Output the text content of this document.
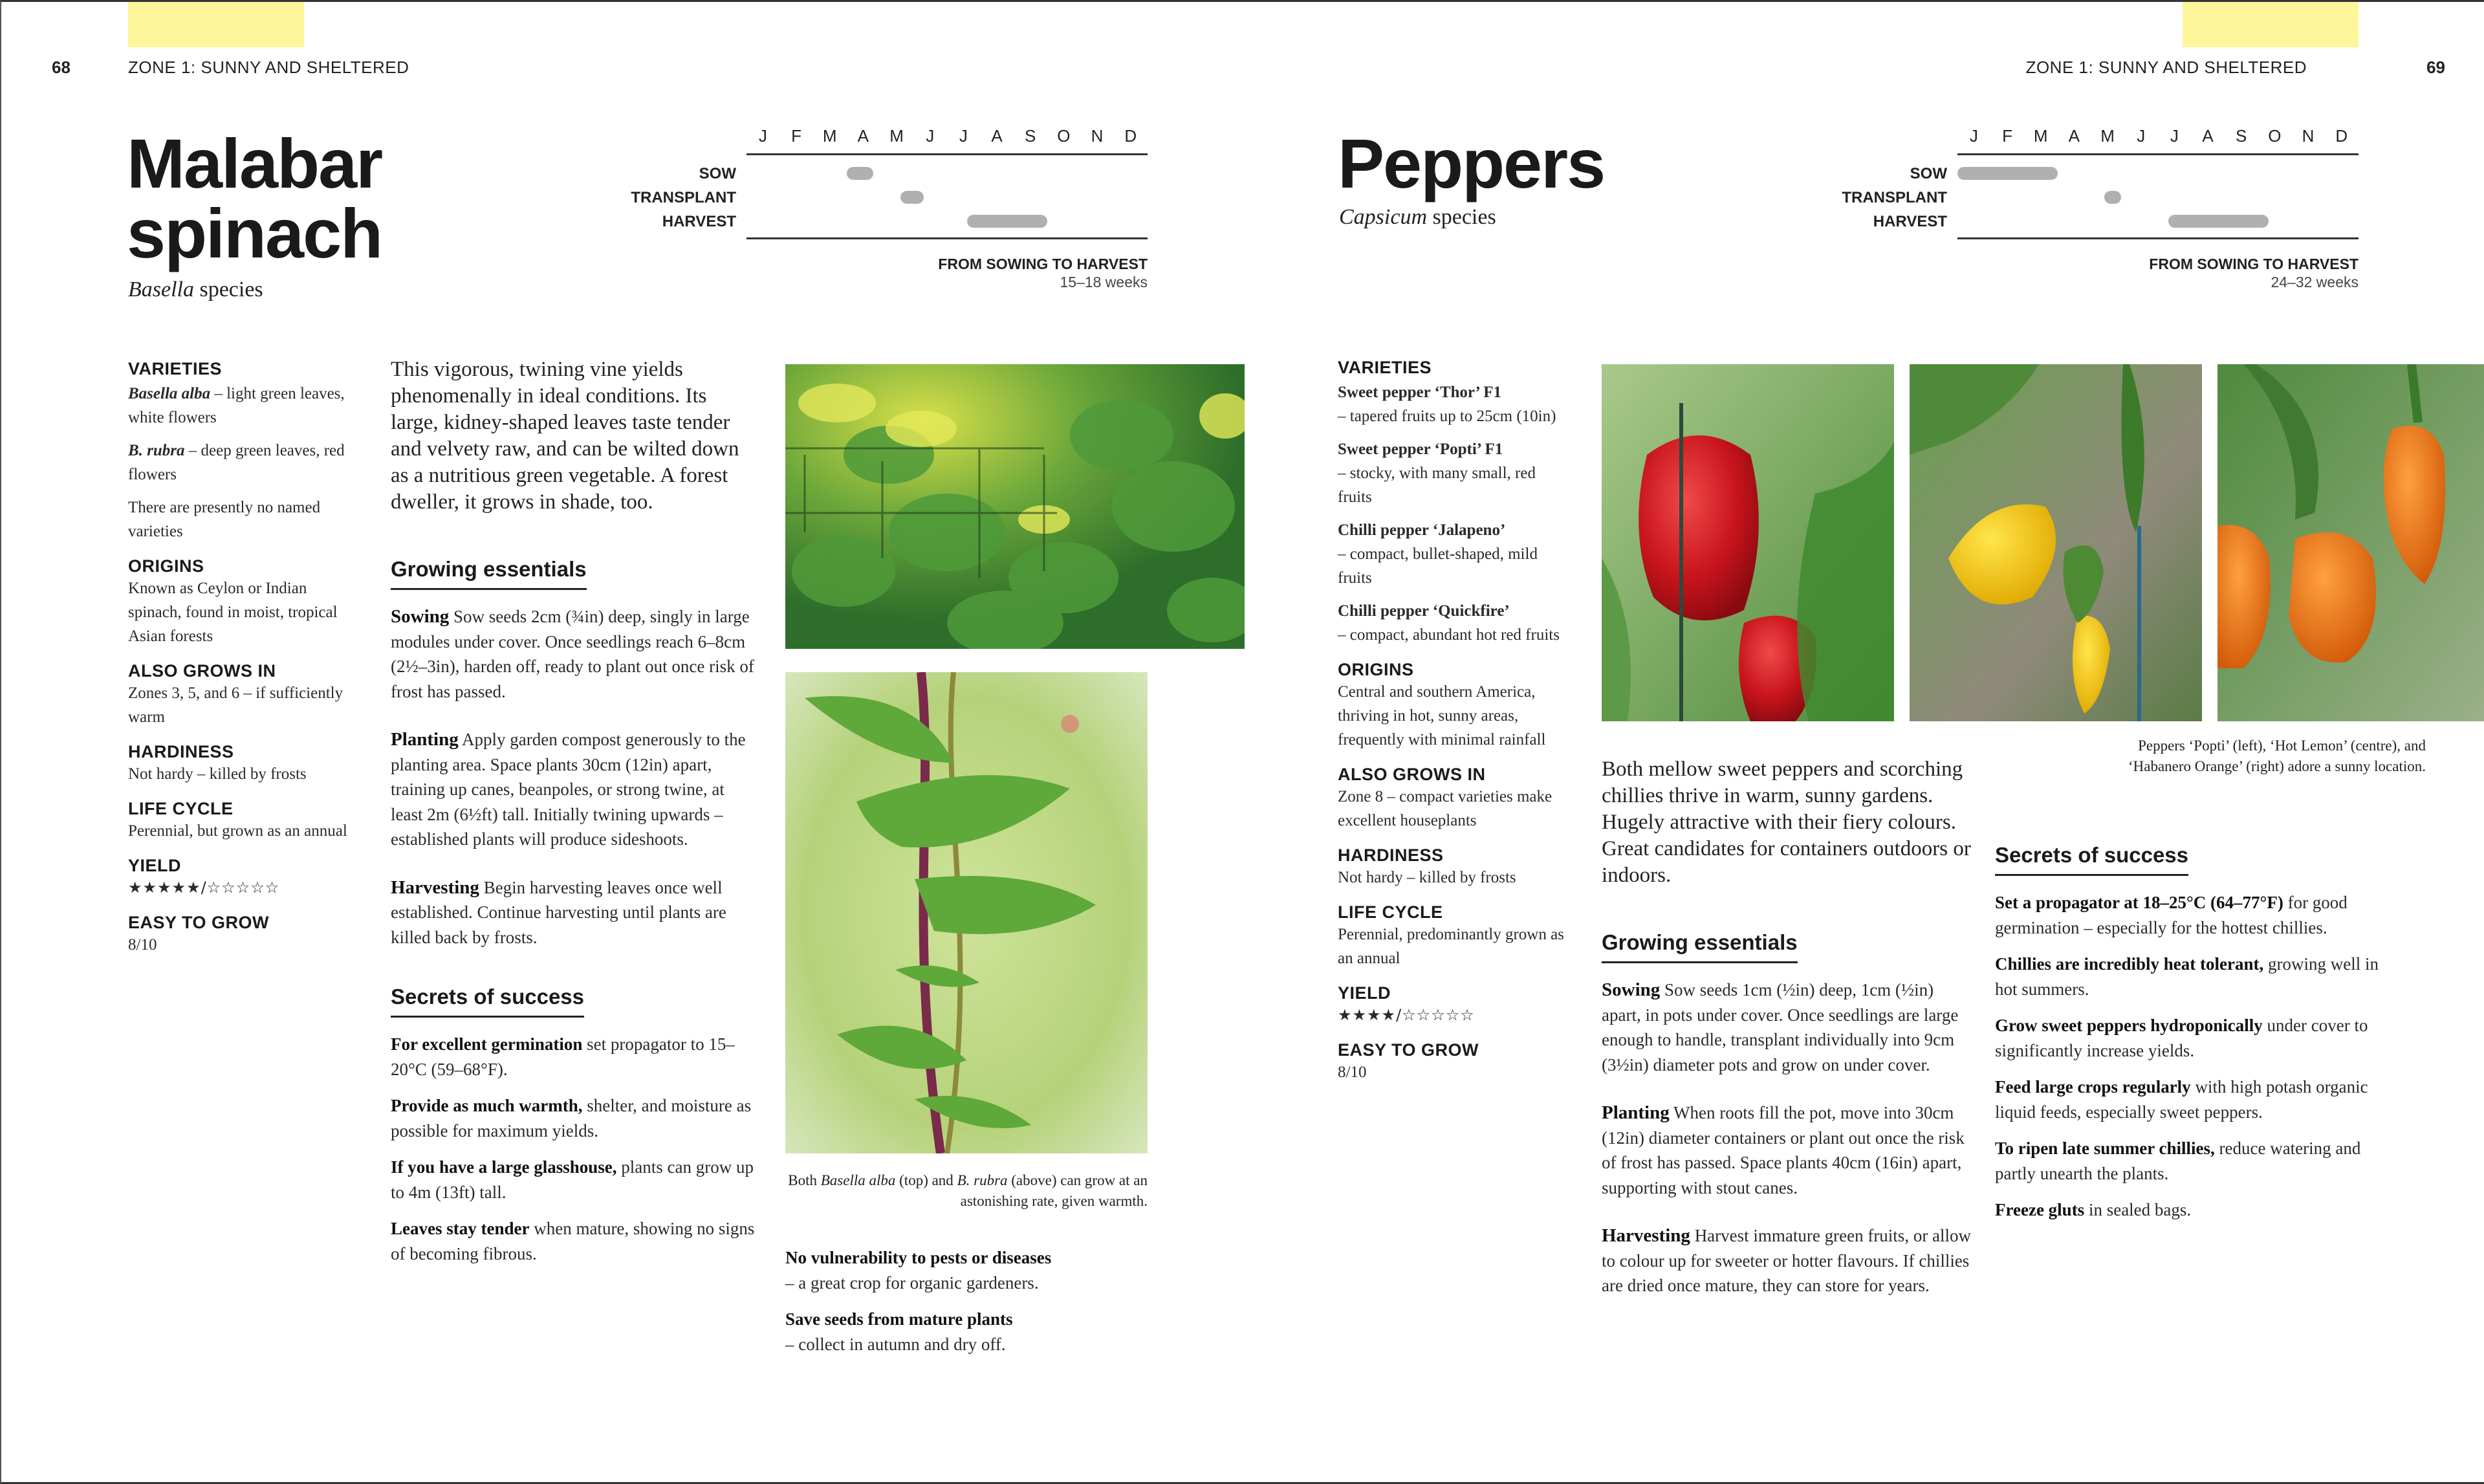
68	ZONE 1: SUNNY AND SHELTERED
Malabar
spinach
Basella species
J	F	M	A	M	J	J	A	S	O	N	D
SOW
TRANSPLANT
HARVEST
FROM SOWING TO HARVEST
15–18 weeks
VARIETIES
Basella alba – light green leaves, white flowers
B. rubra – deep green leaves, red flowers
There are presently no named varieties
ORIGINS
Known as Ceylon or Indian spinach, found in moist, tropical Asian forests
ALSO GROWS IN
Zones 3, 5, and 6 – if sufficiently warm
HARDINESS
Not hardy – killed by frosts
LIFE CYCLE
Perennial, but grown as an annual
YIELD
★★★★★/☆☆☆☆☆
EASY TO GROW
8/10

This vigorous, twining vine yields phenomenally in ideal conditions. Its large, kidney-shaped leaves taste tender and velvety raw, and can be wilted down as a nutritious green vegetable. A forest dweller, it grows in shade, too.

Growing essentials

Sowing Sow seeds 2cm (¾in) deep, singly in large modules under cover. Once seedlings reach 6–8cm (2½–3in), harden off, ready to plant out once risk of frost has passed.

Planting Apply garden compost generously to the planting area. Space plants 30cm (12in) apart, training up canes, beanpoles, or strong twine, at least 2m (6½ft) tall. Initially twining upwards – established plants will produce sideshoots.

Harvesting Begin harvesting leaves once well established. Continue harvesting until plants are killed back by frosts.

Secrets of success

For excellent germination set propagator to 15–20°C (59–68°F).

Provide as much warmth, shelter, and moisture as possible for maximum yields.

If you have a large glasshouse, plants can grow up to 4m (13ft) tall.

Leaves stay tender when mature, showing no signs of becoming fibrous.

Both Basella alba (top) and B. rubra (above) can grow at an astonishing rate, given warmth.

No vulnerability to pests or diseases
– a great crop for organic gardeners.

Save seeds from mature plants
– collect in autumn and dry off.

ZONE 1: SUNNY AND SHELTERED	69
Peppers
Capsicum species
J	F	M	A	M	J	J	A	S	O	N	D
SOW
TRANSPLANT
HARVEST
FROM SOWING TO HARVEST
24–32 weeks
VARIETIES
Sweet pepper ‘Thor’ F1
– tapered fruits up to 25cm (10in)
Sweet pepper ‘Popti’ F1
– stocky, with many small, red fruits
Chilli pepper ‘Jalapeno’
– compact, bullet-shaped, mild fruits
Chilli pepper ‘Quickfire’
– compact, abundant hot red fruits
ORIGINS
Central and southern America, thriving in hot, sunny areas, frequently with minimal rainfall
ALSO GROWS IN
Zone 8 – compact varieties make excellent houseplants
HARDINESS
Not hardy – killed by frosts
LIFE CYCLE
Perennial, predominantly grown as an annual
YIELD
★★★★/☆☆☆☆☆
EASY TO GROW
8/10
Peppers ‘Popti’ (left), ‘Hot Lemon’ (centre), and ‘Habanero Orange’ (right) adore a sunny location.

Both mellow sweet peppers and scorching chillies thrive in warm, sunny gardens. Hugely attractive with their fiery colours. Great candidates for containers outdoors or indoors.

Growing essentials

Sowing Sow seeds 1cm (½in) deep, 1cm (½in) apart, in pots under cover. Once seedlings are large enough to handle, transplant individually into 9cm (3½in) diameter pots and grow on under cover.

Planting When roots fill the pot, move into 30cm (12in) diameter containers or plant out once the risk of frost has passed. Space plants 40cm (16in) apart, supporting with stout canes.

Harvesting Harvest immature green fruits, or allow to colour up for sweeter or hotter flavours. If chillies are dried once mature, they can store for years.

Secrets of success

Set a propagator at 18–25°C (64–77°F) for good germination – especially for the hottest chillies.

Chillies are incredibly heat tolerant, growing well in hot summers.

Grow sweet peppers hydroponically under cover to significantly increase yields.

Feed large crops regularly with high potash organic liquid feeds, especially sweet peppers.

To ripen late summer chillies, reduce watering and partly unearth the plants.

Freeze gluts in sealed bags.
